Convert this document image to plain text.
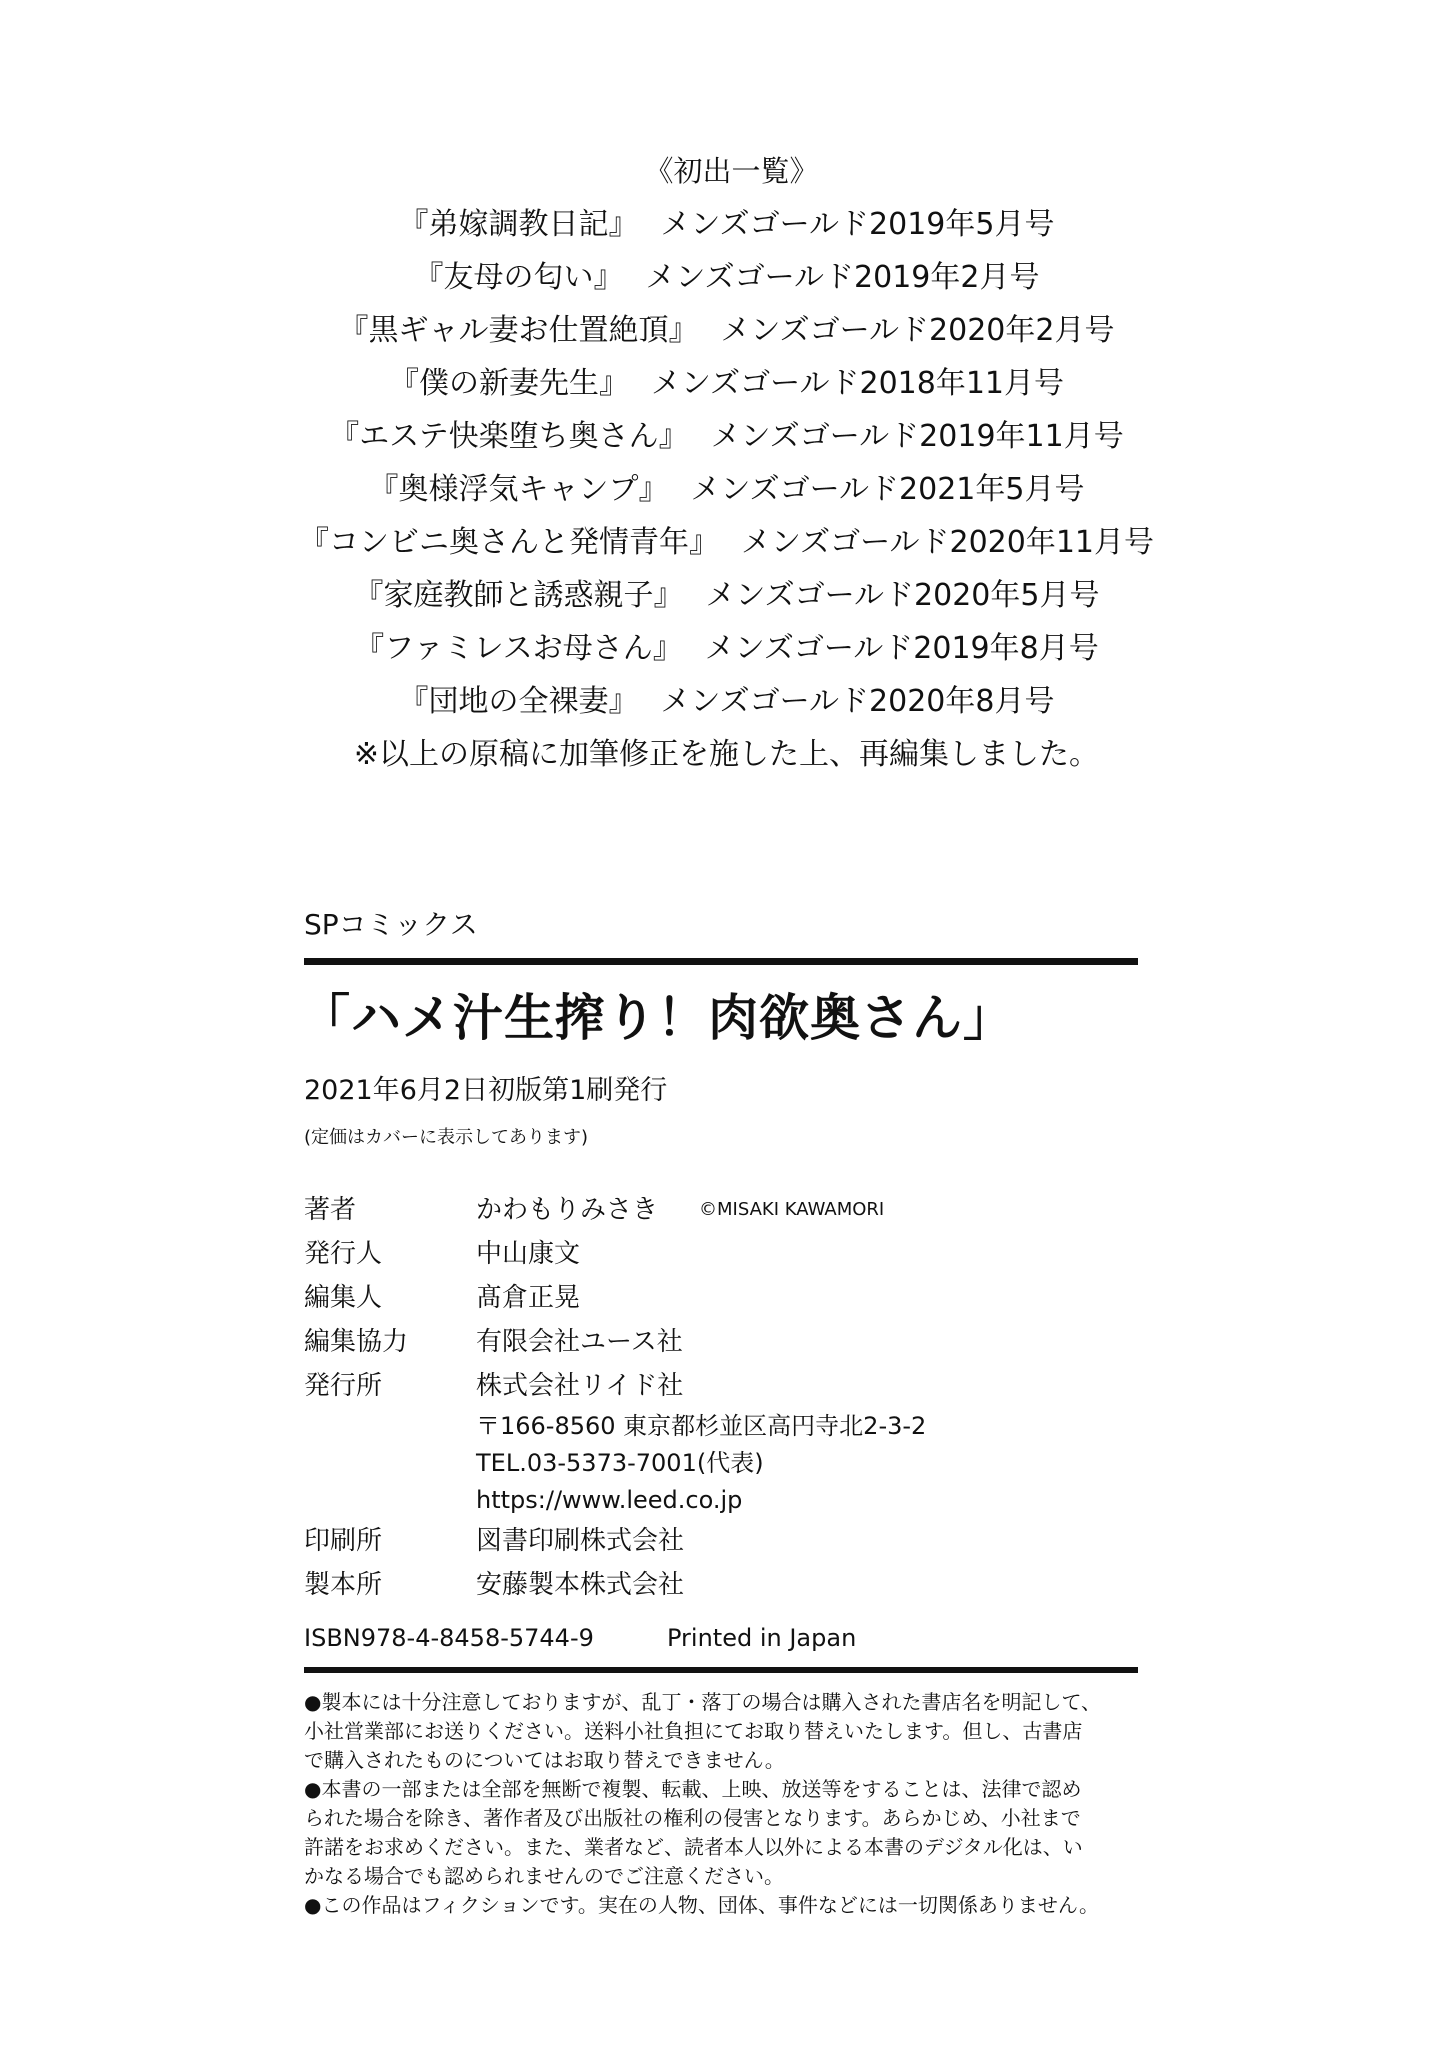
《初出一覧》
『弟嫁調教日記』 メンズゴールド2019年5月号
『友母の匂い』 メンズゴールド2019年2月号
『黒ギャル妻お仕置絶頂』 メンズゴールド2020年2月号
『僕の新妻先生』 メンズゴールド2018年11月号
『エステ快楽堕ち奥さん』 メンズゴールド2019年11月号
『奥様浮気キャンプ』 メンズゴールド2021年5月号
『コンビニ奥さんと発情青年』 メンズゴールド2020年11月号
『家庭教師と誘惑親子』 メンズゴールド2020年5月号
『ファミレスお母さん』 メンズゴールド2019年8月号
『団地の全裸妻』 メンズゴールド2020年8月号
※以上の原稿に加筆修正を施した上、再編集しました。
SPコミックス
「ハメ汁生搾り！肉欲奥さん」
2021年6月2日初版第1刷発行
(定価はカバーに表示してあります)
著者	かわもりみさき ©MISAKI KAWAMORI
発行人	中山康文
編集人	髙倉正晃
編集協力	有限会社ユース社
発行所	株式会社リイド社
〒166-8560 東京都杉並区高円寺北2-3-2
TEL.03-5373-7001(代表)
https://www.leed.co.jp
印刷所	図書印刷株式会社
製本所	安藤製本株式会社
ISBN978-4-8458-5744-9	Printed in Japan

●製本には十分注意しておりますが、乱丁・落丁の場合は購入された書店名を明記して、

小社営業部にお送りください。送料小社負担にてお取り替えいたします。但し、古書店

で購入されたものについてはお取り替えできません。

●本書の一部または全部を無断で複製、転載、上映、放送等をすることは、法律で認め

られた場合を除き、著作者及び出版社の権利の侵害となります。あらかじめ、小社まで

許諾をお求めください。また、業者など、読者本人以外による本書のデジタル化は、い

かなる場合でも認められませんのでご注意ください。

●この作品はフィクションです。実在の人物、団体、事件などには一切関係ありません。
